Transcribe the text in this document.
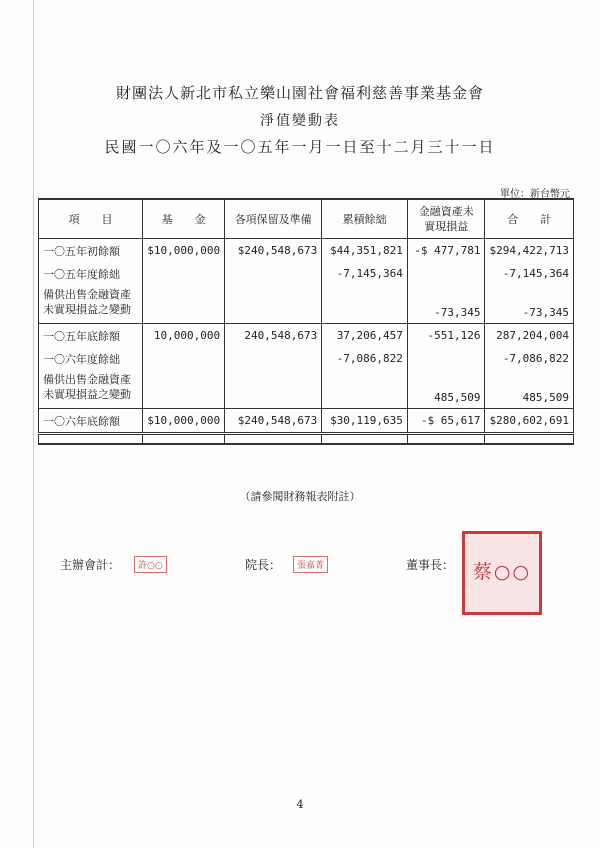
財團法人新北市私立樂山園社會福利慈善事業基金會
淨值變動表
民國一〇六年及一〇五年一月一日至十二月三十一日
單位：新台幣元
項　　目	基　　金	各項保留及準備	累積餘絀	金融資產未實現損益	合　　計
一〇五年初餘額	$10,000,000	$240,548,673	$44,351,821	-$ 477,781	$294,422,713
一〇五年度餘絀			-7,145,364		-7,145,364
備供出售金融資產未實現損益之變動				-73,345	-73,345
一〇五年底餘額	10,000,000	240,548,673	37,206,457	-551,126	287,204,004
一〇六年度餘絀			-7,086,822		-7,086,822
備供出售金融資產未實現損益之變動				485,509	485,509
一〇六年底餘額	$10,000,000	$240,548,673	$30,119,635	-$ 65,617	$280,602,691

（請參閱財務報表附註）
主辦會計：	許○○	院長：	張嘉菁	董事長： 蔡○○
4
